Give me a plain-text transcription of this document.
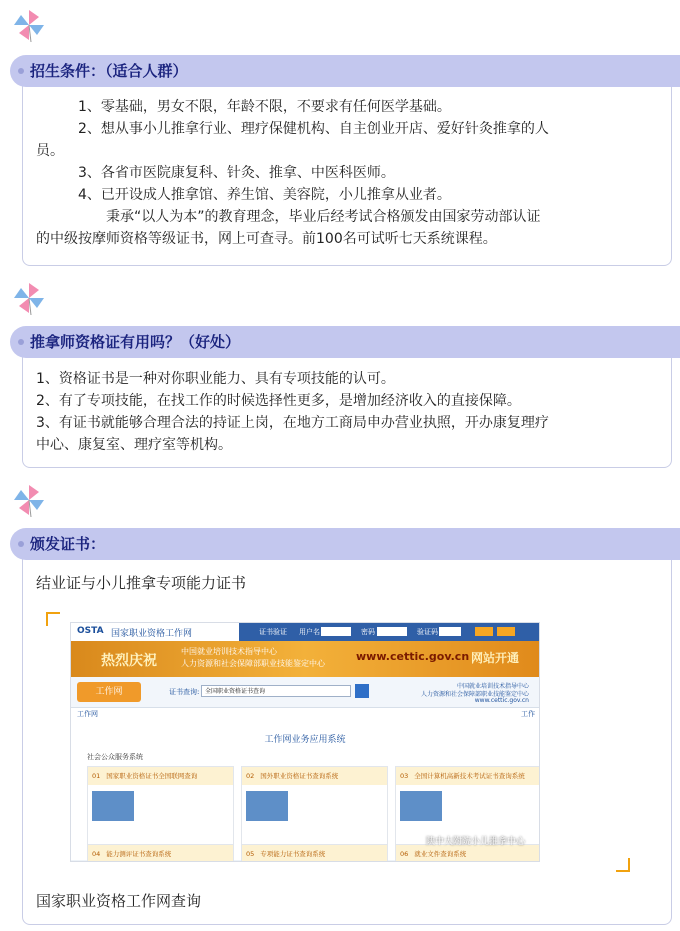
招生条件：（适合人群）
1、零基础，男女不限，年龄不限，不要求有任何医学基础。
2、想从事小儿推拿行业、理疗保健机构、自主创业开店、爱好针灸推拿的人
员。
3、各省市医院康复科、针灸、推拿、中医科医师。
4、已开设成人推拿馆、养生馆、美容院，小儿推拿从业者。
秉承“以人为本”的教育理念，毕业后经考试合格颁发由国家劳动部认证
的中级按摩师资格等级证书，网上可查寻。前100名可试听七天系统课程。
推拿师资格证有用吗？（好处）
1、资格证书是一种对你职业能力、具有专项技能的认可。
2、有了专项技能，在找工作的时候选择性更多，是增加经济收入的直接保障。
3、有证书就能够合理合法的持证上岗，在地方工商局申办营业执照，开办康复理疗
中心、康复室、理疗室等机构。
颁发证书：
结业证与小儿推拿专项能力证书
OSTA 国家职业资格工作网	证书验证 用户名	密码	验证码
热烈庆祝
中国就业培训技术指导中心
人力资源和社会保障部职业技能鉴定中心
www.cettic.gov.cn 网站开通
工作网	证书查询: 全国职业资格证书查询
中国就业培训技术指导中心
人力资源和社会保障部职业技能鉴定中心
www.cettic.gov.cn
工作网	工作
工作网业务应用系统
社会公众服务系统
01 国家职业资格证书全国联网查询	02 国外职业资格证书查询系统	03 全国计算机高新技术考试证书查询系统
04 能力测评证书查询系统	05 专项能力证书查询系统	06 就业文件查询系统
陕中大附院小儿推拿中心
国家职业资格工作网查询
